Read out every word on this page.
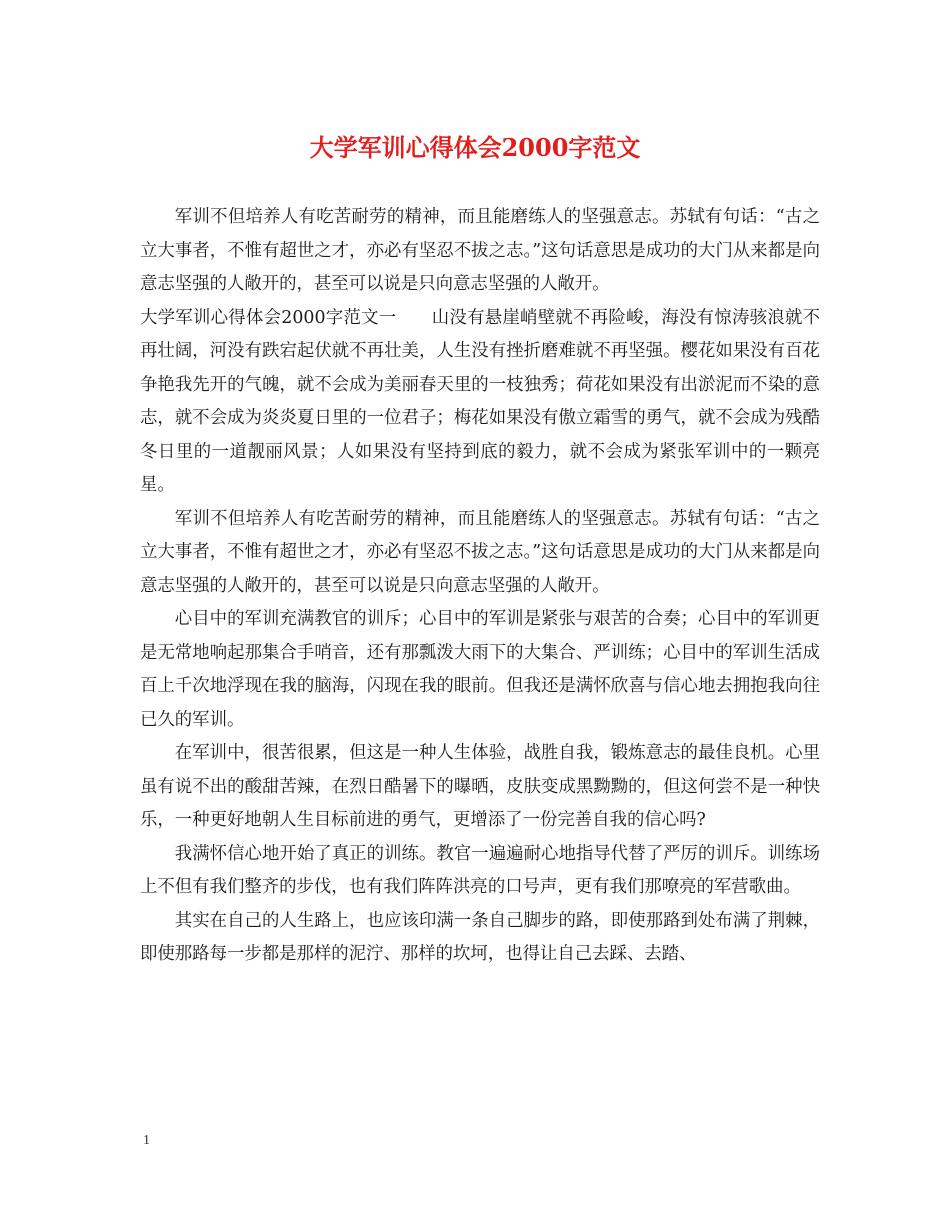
大学军训心得体会2000字范文

军训不但培养人有吃苦耐劳的精神，而且能磨练人的坚强意志。苏轼有句话：“古之立大事者，不惟有超世之才，亦必有坚忍不拔之志。”这句话意思是成功的大门从来都是向意志坚强的人敞开的，甚至可以说是只向意志坚强的人敞开。

大学军训心得体会2000字范文一　　山没有悬崖峭壁就不再险峻，海没有惊涛骇浪就不再壮阔，河没有跌宕起伏就不再壮美，人生没有挫折磨难就不再坚强。樱花如果没有百花争艳我先开的气魄，就不会成为美丽春天里的一枝独秀；荷花如果没有出淤泥而不染的意志，就不会成为炎炎夏日里的一位君子；梅花如果没有傲立霜雪的勇气，就不会成为残酷冬日里的一道靓丽风景；人如果没有坚持到底的毅力，就不会成为紧张军训中的一颗亮星。

军训不但培养人有吃苦耐劳的精神，而且能磨练人的坚强意志。苏轼有句话：“古之立大事者，不惟有超世之才，亦必有坚忍不拔之志。”这句话意思是成功的大门从来都是向意志坚强的人敞开的，甚至可以说是只向意志坚强的人敞开。

心目中的军训充满教官的训斥；心目中的军训是紧张与艰苦的合奏；心目中的军训更是无常地响起那集合手哨音，还有那瓢泼大雨下的大集合、严训练；心目中的军训生活成百上千次地浮现在我的脑海，闪现在我的眼前。但我还是满怀欣喜与信心地去拥抱我向往已久的军训。

在军训中，很苦很累，但这是一种人生体验，战胜自我，锻炼意志的最佳良机。心里虽有说不出的酸甜苦辣，在烈日酷暑下的曝晒，皮肤变成黑黝黝的，但这何尝不是一种快乐，一种更好地朝人生目标前进的勇气，更增添了一份完善自我的信心吗?

我满怀信心地开始了真正的训练。教官一遍遍耐心地指导代替了严厉的训斥。训练场上不但有我们整齐的步伐，也有我们阵阵洪亮的口号声，更有我们那嘹亮的军营歌曲。

其实在自己的人生路上，也应该印满一条自己脚步的路，即使那路到处布满了荆棘，即使那路每一步都是那样的泥泞、那样的坎坷，也得让自己去踩、去踏、

1
